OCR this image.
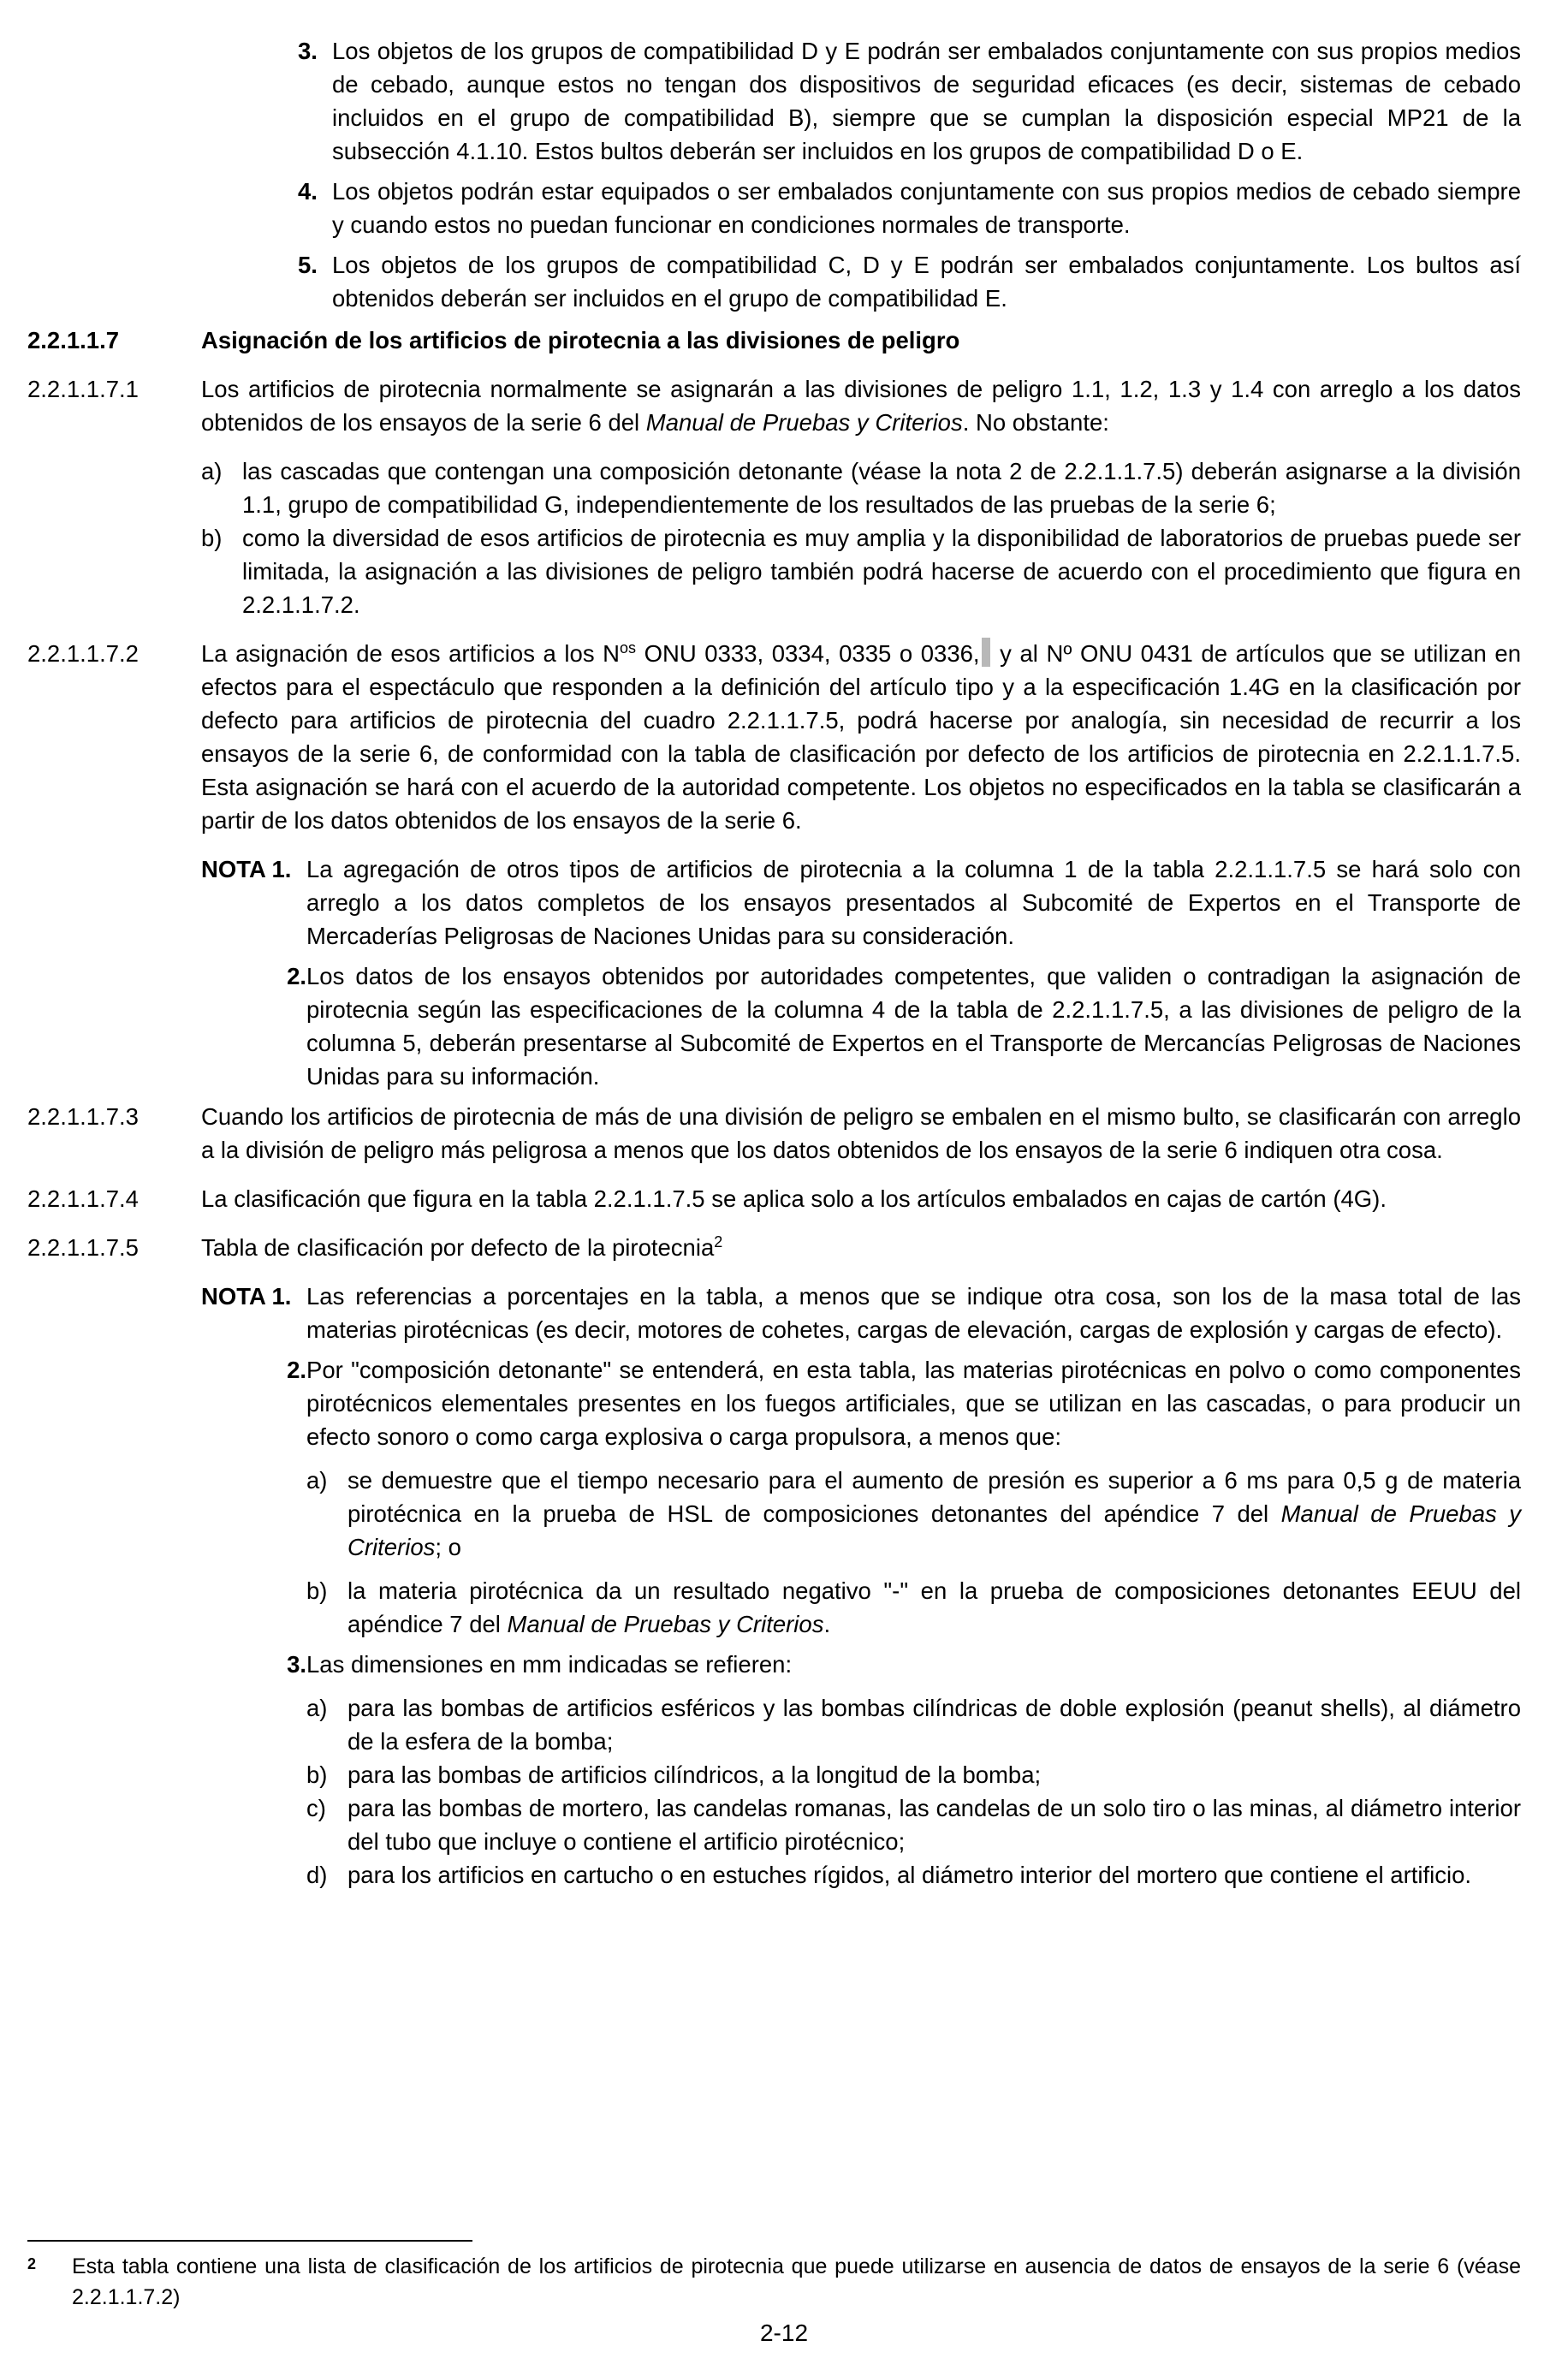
3. Los objetos de los grupos de compatibilidad D y E podrán ser embalados conjuntamente con sus propios medios de cebado, aunque estos no tengan dos dispositivos de seguridad eficaces (es decir, sistemas de cebado incluidos en el grupo de compatibilidad B), siempre que se cumplan la disposición especial MP21 de la subsección 4.1.10. Estos bultos deberán ser incluidos en los grupos de compatibilidad D o E.
4. Los objetos podrán estar equipados o ser embalados conjuntamente con sus propios medios de cebado siempre y cuando estos no puedan funcionar en condiciones normales de transporte.
5. Los objetos de los grupos de compatibilidad C, D y E podrán ser embalados conjuntamente. Los bultos así obtenidos deberán ser incluidos en el grupo de compatibilidad E.
2.2.1.1.7	Asignación de los artificios de pirotecnia a las divisiones de peligro
2.2.1.1.7.1	Los artificios de pirotecnia normalmente se asignarán a las divisiones de peligro 1.1, 1.2, 1.3 y 1.4 con arreglo a los datos obtenidos de los ensayos de la serie 6 del Manual de Pruebas y Criterios. No obstante:
a) las cascadas que contengan una composición detonante (véase la nota 2 de 2.2.1.1.7.5) deberán asignarse a la división 1.1, grupo de compatibilidad G, independientemente de los resultados de las pruebas de la serie 6;
b) como la diversidad de esos artificios de pirotecnia es muy amplia y la disponibilidad de laboratorios de pruebas puede ser limitada, la asignación a las divisiones de peligro también podrá hacerse de acuerdo con el procedimiento que figura en 2.2.1.1.7.2.
2.2.1.1.7.2	La asignación de esos artificios a los $N^{os}$ ONU 0333, 0334, 0335 o 0336, y al Nº ONU 0431 de artículos que se utilizan en efectos para el espectáculo que responden a la definición del artículo tipo y a la especificación 1.4G en la clasificación por defecto para artificios de pirotecnia del cuadro 2.2.1.1.7.5, podrá hacerse por analogía, sin necesidad de recurrir a los ensayos de la serie 6, de conformidad con la tabla de clasificación por defecto de los artificios de pirotecnia en 2.2.1.1.7.5. Esta asignación se hará con el acuerdo de la autoridad competente. Los objetos no especificados en la tabla se clasificarán a partir de los datos obtenidos de los ensayos de la serie 6.
NOTA 1. La agregación de otros tipos de artificios de pirotecnia a la columna 1 de la tabla 2.2.1.1.7.5 se hará solo con arreglo a los datos completos de los ensayos presentados al Subcomité de Expertos en el Transporte de Mercaderías Peligrosas de Naciones Unidas para su consideración.
2. Los datos de los ensayos obtenidos por autoridades competentes, que validen o contradigan la asignación de pirotecnia según las especificaciones de la columna 4 de la tabla de 2.2.1.1.7.5, a las divisiones de peligro de la columna 5, deberán presentarse al Subcomité de Expertos en el Transporte de Mercancías Peligrosas de Naciones Unidas para su información.
2.2.1.1.7.3	Cuando los artificios de pirotecnia de más de una división de peligro se embalen en el mismo bulto, se clasificarán con arreglo a la división de peligro más peligrosa a menos que los datos obtenidos de los ensayos de la serie 6 indiquen otra cosa.
2.2.1.1.7.4	La clasificación que figura en la tabla 2.2.1.1.7.5 se aplica solo a los artículos embalados en cajas de cartón (4G).
2.2.1.1.7.5	Tabla de clasificación por defecto de la pirotecnia$^2$
NOTA 1. Las referencias a porcentajes en la tabla, a menos que se indique otra cosa, son los de la masa total de las materias pirotécnicas (es decir, motores de cohetes, cargas de elevación, cargas de explosión y cargas de efecto).
2. Por "composición detonante" se entenderá, en esta tabla, las materias pirotécnicas en polvo o como componentes pirotécnicos elementales presentes en los fuegos artificiales, que se utilizan en las cascadas, o para producir un efecto sonoro o como carga explosiva o carga propulsora, a menos que:
a) se demuestre que el tiempo necesario para el aumento de presión es superior a 6 ms para 0,5 g de materia pirotécnica en la prueba de HSL de composiciones detonantes del apéndice 7 del Manual de Pruebas y Criterios; o
b) la materia pirotécnica da un resultado negativo "-" en la prueba de composiciones detonantes EEUU del apéndice 7 del Manual de Pruebas y Criterios.
3. Las dimensiones en mm indicadas se refieren:
a) para las bombas de artificios esféricos y las bombas cilíndricas de doble explosión (peanut shells), al diámetro de la esfera de la bomba;
b) para las bombas de artificios cilíndricos, a la longitud de la bomba;
c) para las bombas de mortero, las candelas romanas, las candelas de un solo tiro o las minas, al diámetro interior del tubo que incluye o contiene el artificio pirotécnico;
d) para los artificios en cartucho o en estuches rígidos, al diámetro interior del mortero que contiene el artificio.
2	Esta tabla contiene una lista de clasificación de los artificios de pirotecnia que puede utilizarse en ausencia de datos de ensayos de la serie 6 (véase 2.2.1.1.7.2)
2-12
